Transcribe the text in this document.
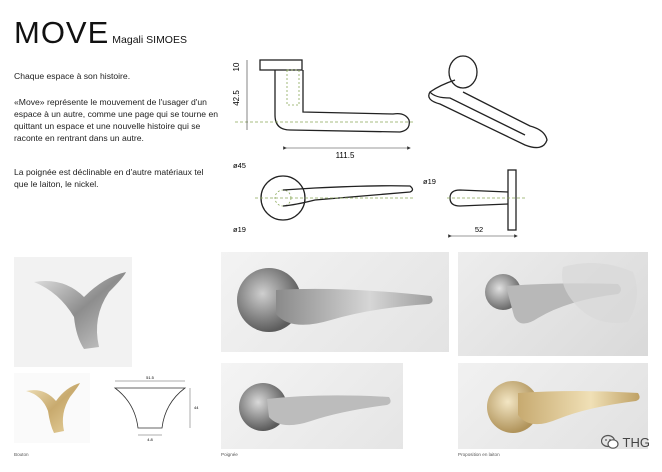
MOVE Magali SIMOES
Chaque espace à son histoire.
«Move» représente le mouvement de l'usager d'un espace à un autre, comme une page qui se tourne en quittant un espace et une nouvelle histoire qui se raconte en rentrant dans un autre.
La poignée est déclinable en d'autre matériaux tel que le laiton, le nickel.
10
42.5
111.5
ø45
ø19
ø19
52
51.5
44
4.8
Bouton	Poignée	Proposition en laiton
THG
